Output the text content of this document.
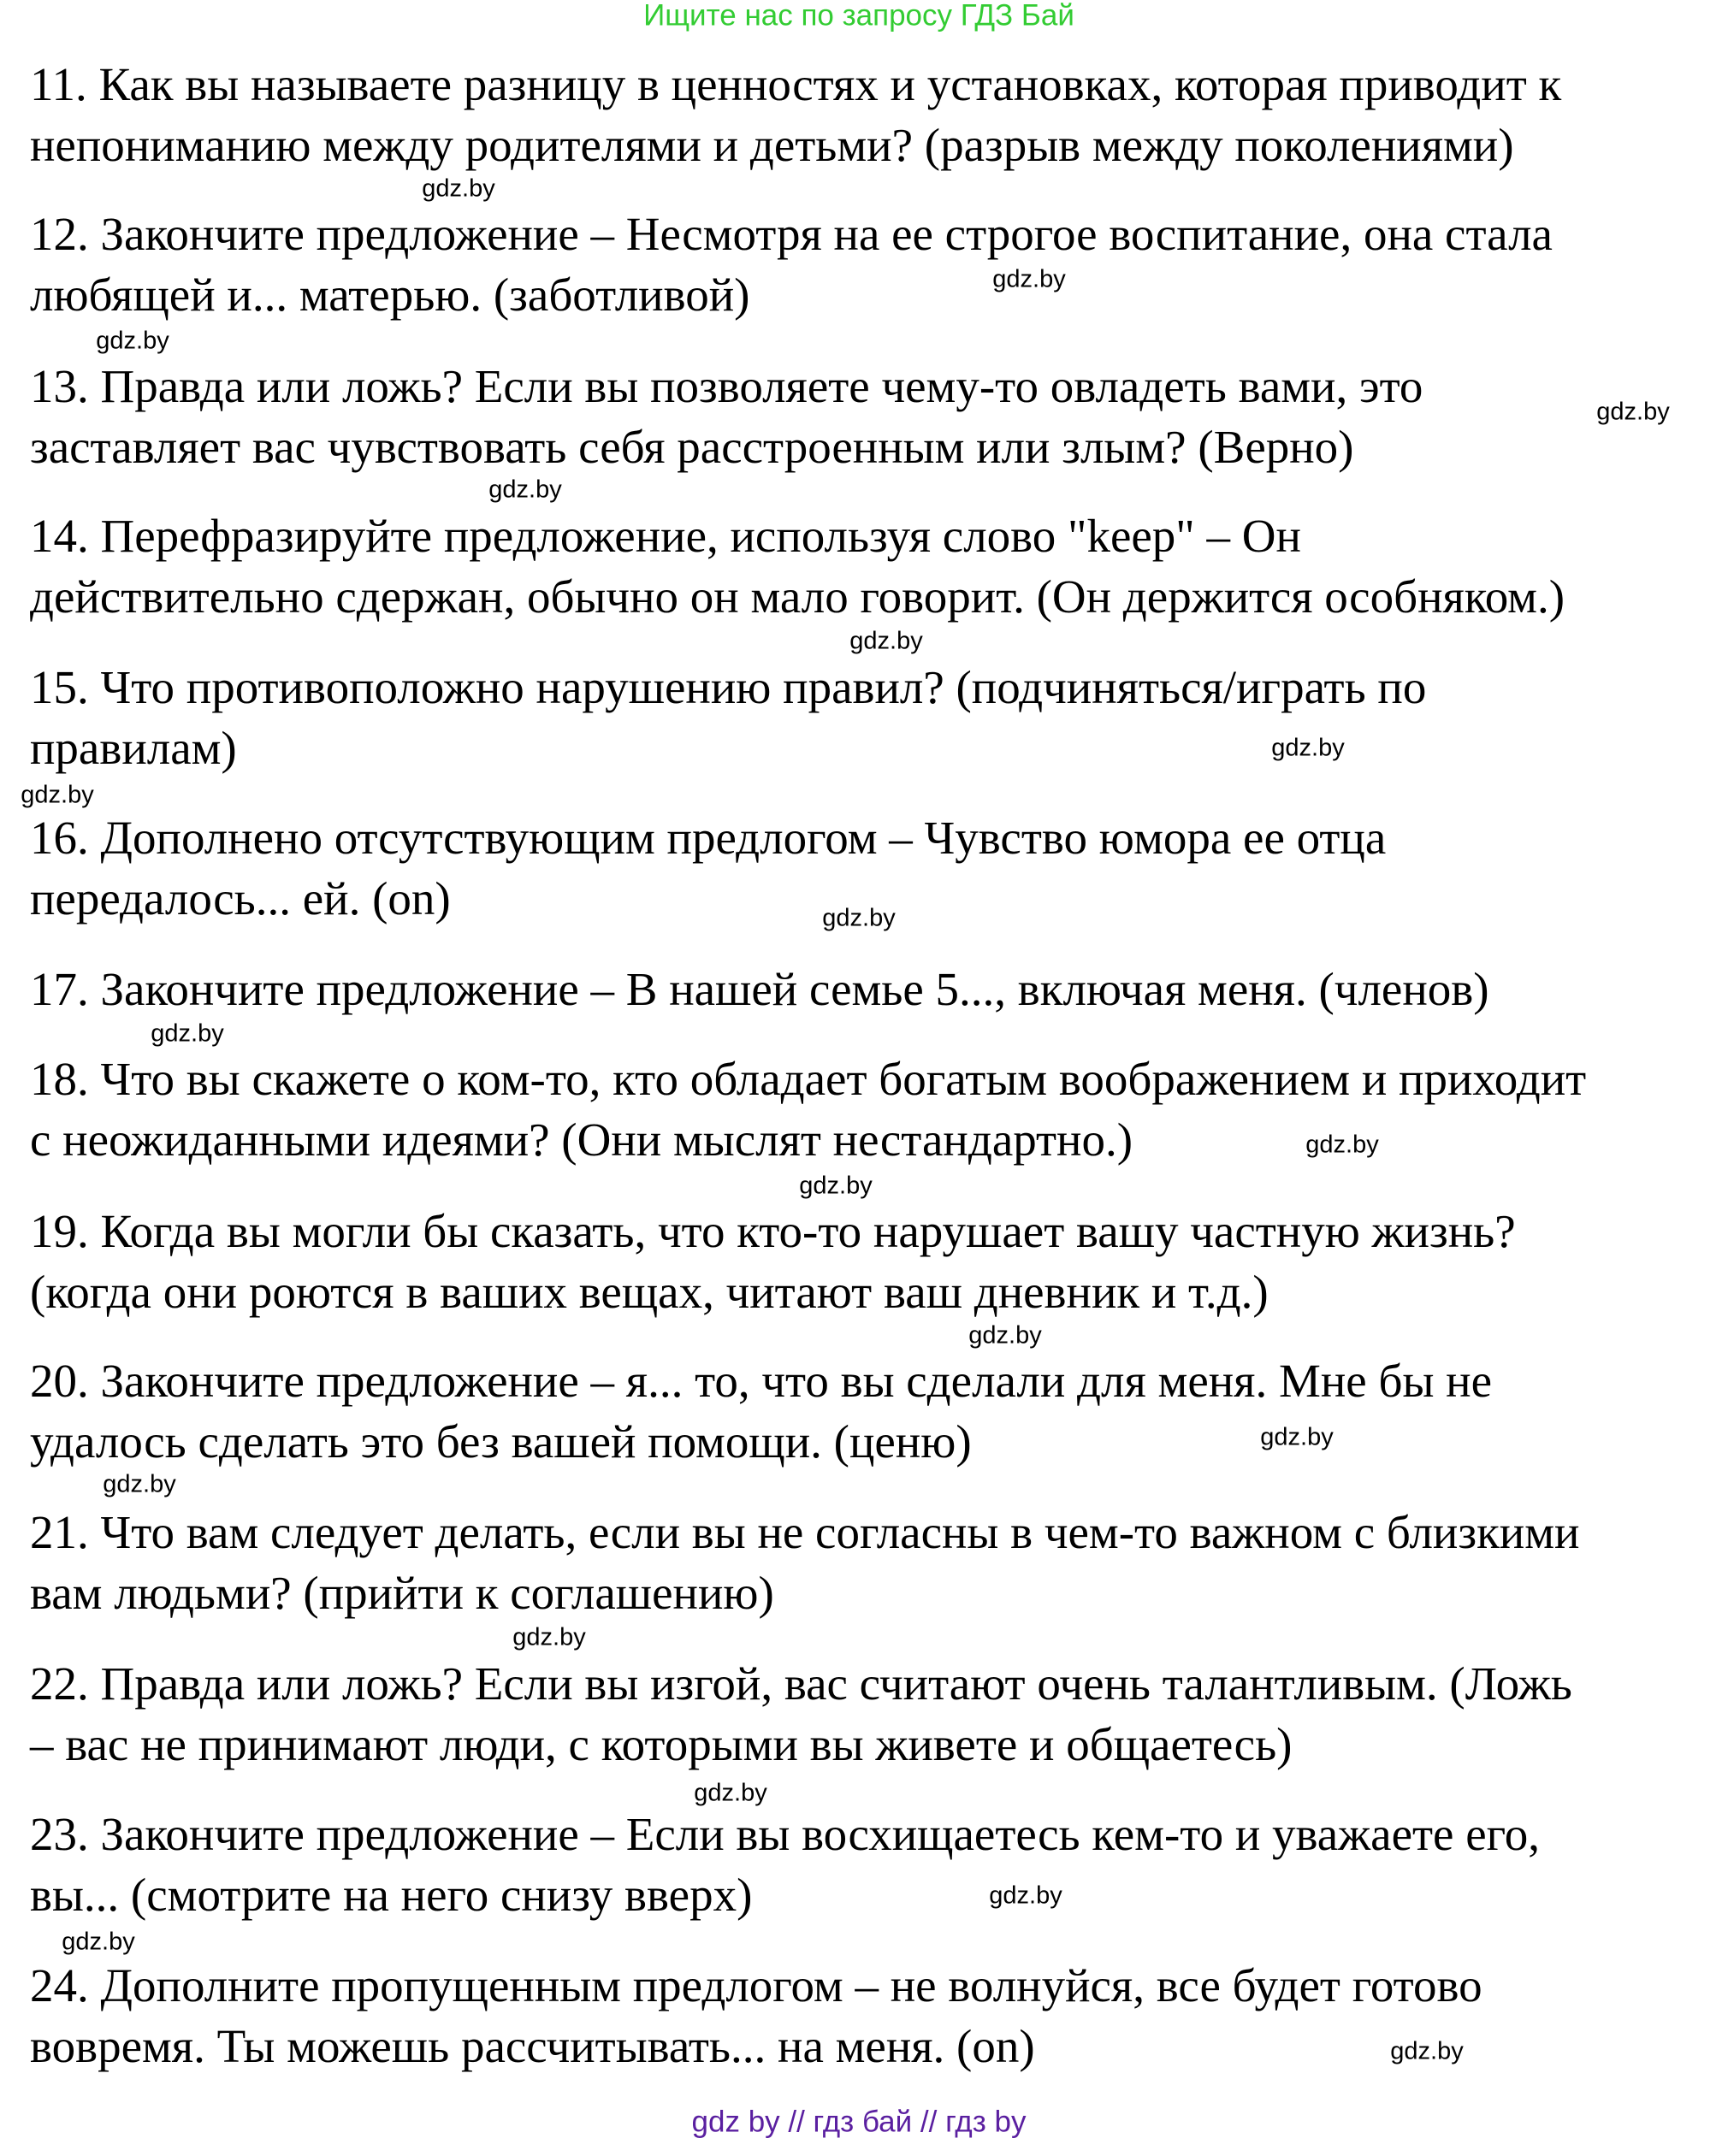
Ищите нас по запросу ГДЗ Бай
11. Как вы называете разницу в ценностях и установках, которая приводит к
непониманию между родителями и детьми? (разрыв между поколениями)
12. Закончите предложение – Несмотря на ее строгое воспитание, она стала
любящей и... матерью. (заботливой)
13. Правда или ложь? Если вы позволяете чему-то овладеть вами, это
заставляет вас чувствовать себя расстроенным или злым? (Верно)
14. Перефразируйте предложение, используя слово "keep" – Он
действительно сдержан, обычно он мало говорит. (Он держится особняком.)
15. Что противоположно нарушению правил? (подчиняться/играть по
правилам)
16. Дополнено отсутствующим предлогом – Чувство юмора ее отца
передалось... ей. (on)
17. Закончите предложение – В нашей семье 5..., включая меня. (членов)
18. Что вы скажете о ком-то, кто обладает богатым воображением и приходит
с неожиданными идеями? (Они мыслят нестандартно.)
19. Когда вы могли бы сказать, что кто-то нарушает вашу частную жизнь?
(когда они роются в ваших вещах, читают ваш дневник и т.д.)
20. Закончите предложение – я... то, что вы сделали для меня. Мне бы не
удалось сделать это без вашей помощи. (ценю)
21. Что вам следует делать, если вы не согласны в чем-то важном с близкими
вам людьми? (прийти к соглашению)
22. Правда или ложь? Если вы изгой, вас считают очень талантливым. (Ложь
– вас не принимают люди, с которыми вы живете и общаетесь)
23. Закончите предложение – Если вы восхищаетесь кем-то и уважаете его,
вы... (смотрите на него снизу вверх)
24. Дополните пропущенным предлогом – не волнуйся, все будет готово
вовремя. Ты можешь рассчитывать... на меня. (on)
gdz.by
gdz.by
gdz.by
gdz.by
gdz.by
gdz.by
gdz.by
gdz.by
gdz.by
gdz.by
gdz.by
gdz.by
gdz.by
gdz.by
gdz.by
gdz.by
gdz.by
gdz.by
gdz.by
gdz.by
gdz by // гдз бай // гдз by
